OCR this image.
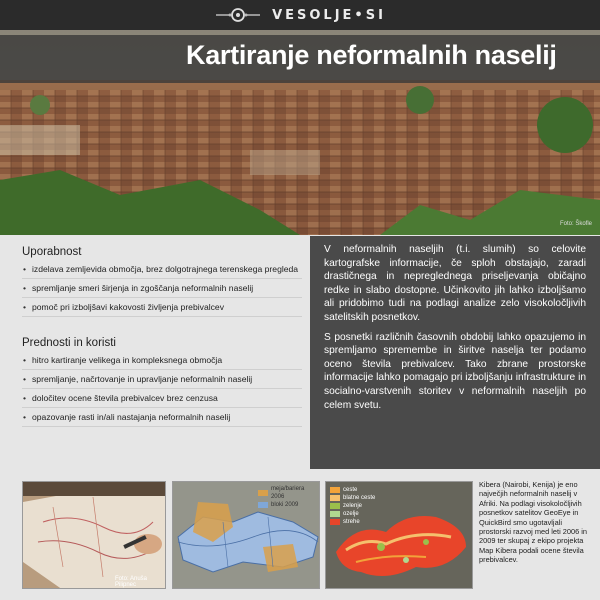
VESOLJE•SI
Kartiranje neformalnih naselij
Foto: Škofle
Uporabnost
• izdelava zemljevida območja, brez dolgotrajnega terenskega pregleda
• spremljanje smeri širjenja in zgoščanja neformalnih naselij
• pomoč pri izboljšavi kakovosti življenja prebivalcev
Prednosti in koristi
• hitro kartiranje velikega in kompleksnega območja
• spremljanje, načrtovanje in upravljanje neformalnih naselij
• določitev ocene števila prebivalcev brez cenzusa
• opazovanje rasti in/ali nastajanja neformalnih naselij

V neformalnih naseljih (t.i. slumih) so celovite kartografske informacije, če sploh obstajajo, zaradi drastičnega in nepreglednega priseljevanja običajno redke in slabo dostopne. Učinkovito jih lahko izboljšamo ali pridobimo tudi na podlagi analize zelo visokoločljivih satelitskih posnetkov.

S posnetki različnih časovnih obdobij lahko opazujemo in spremljamo spremembe in širitve naselja ter podamo oceno števila prebivalcev. Tako zbrane prostorske informacije lahko pomagajo pri izboljšanju infrastrukture in socialno-varstvenih storitev v neformalnih naseljih po celem svetu.

Foto: Anuša Pilipnec
meja/bariera 2006
bloki 2009
ceste
blatne ceste
zelenje
ozelje
strehe
Kibera (Nairobi, Kenija) je eno največjih neformalnih naselij v Afriki. Na podlagi visokoločljivih posnetkov satelitov GeoEye in QuickBird smo ugotavljali prostorski razvoj med leti 2006 in 2009 ter skupaj z ekipo projekta Map Kibera podali ocene števila prebivalcev.
